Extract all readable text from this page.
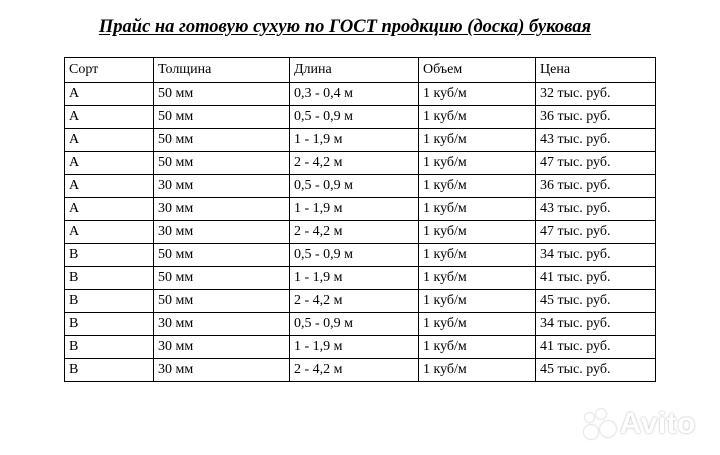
Прайс на готовую сухую по ГОСТ продкцию (доска) буковая
Сорт	Толщина	Длина	Объем	Цена
А	50 мм	0,3 - 0,4 м	1 куб/м	32 тыс. руб.
А	50 мм	0,5 - 0,9 м	1 куб/м	36 тыс. руб.
А	50 мм	1 - 1,9 м	1 куб/м	43 тыс. руб.
А	50 мм	2 - 4,2 м	1 куб/м	47 тыс. руб.
А	30 мм	0,5 - 0,9 м	1 куб/м	36 тыс. руб.
А	30 мм	1 - 1,9 м	1 куб/м	43 тыс. руб.
А	30 мм	2 - 4,2 м	1 куб/м	47 тыс. руб.
В	50 мм	0,5 - 0,9 м	1 куб/м	34 тыс. руб.
В	50 мм	1 - 1,9 м	1 куб/м	41 тыс. руб.
В	50 мм	2 - 4,2 м	1 куб/м	45 тыс. руб.
В	30 мм	0,5 - 0,9 м	1 куб/м	34 тыс. руб.
В	30 мм	1 - 1,9 м	1 куб/м	41 тыс. руб.
В	30 мм	2 - 4,2 м	1 куб/м	45 тыс. руб.
Avito
